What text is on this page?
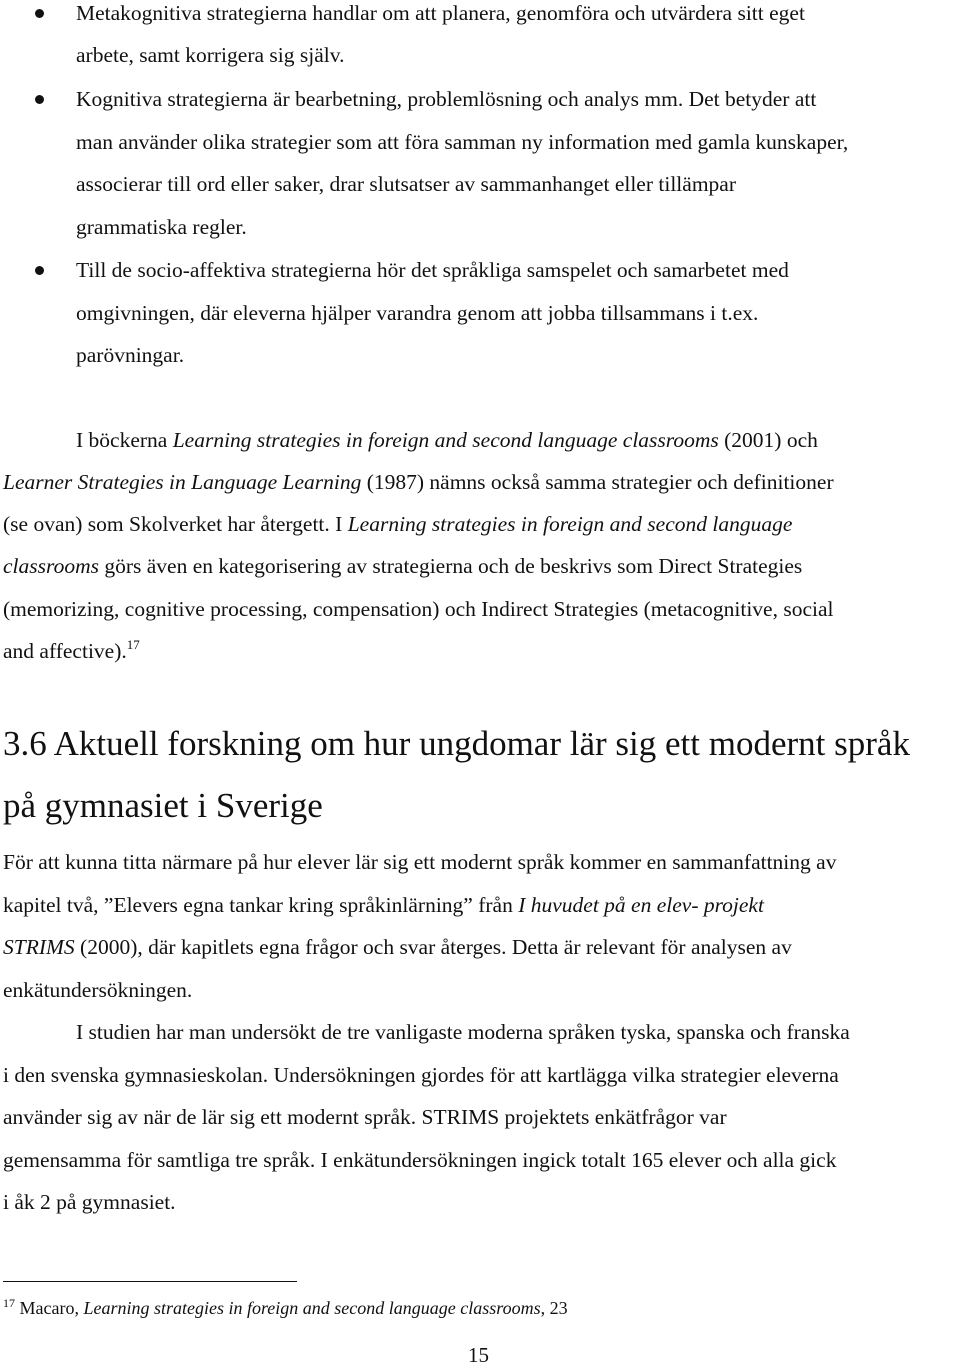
Metakognitiva strategierna handlar om att planera, genomföra och utvärdera sitt eget
arbete, samt korrigera sig själv.
Kognitiva strategierna är bearbetning, problemlösning och analys mm. Det betyder att
man använder olika strategier som att föra samman ny information med gamla kunskaper,
associerar till ord eller saker, drar slutsatser av sammanhanget eller tillämpar
grammatiska regler.
Till de socio-affektiva strategierna hör det språkliga samspelet och samarbetet med
omgivningen, där eleverna hjälper varandra genom att jobba tillsammans i t.ex.
parövningar.
I böckerna Learning strategies in foreign and second language classrooms (2001) och
Learner Strategies in Language Learning (1987) nämns också samma strategier och definitioner
(se ovan) som Skolverket har återgett. I Learning strategies in foreign and second language
classrooms görs även en kategorisering av strategierna och de beskrivs som Direct Strategies
(memorizing, cognitive processing, compensation) och Indirect Strategies (metacognitive, social
and affective).$^{17}$
3.6 Aktuell forskning om hur ungdomar lär sig ett modernt språk
på gymnasiet i Sverige
För att kunna titta närmare på hur elever lär sig ett modernt språk kommer en sammanfattning av
kapitel två, ”Elevers egna tankar kring språkinlärning” från I huvudet på en elev- projekt
STRIMS (2000), där kapitlets egna frågor och svar återges. Detta är relevant för analysen av
enkätundersökningen.
I studien har man undersökt de tre vanligaste moderna språken tyska, spanska och franska
i den svenska gymnasieskolan. Undersökningen gjordes för att kartlägga vilka strategier eleverna
använder sig av när de lär sig ett modernt språk. STRIMS projektets enkätfrågor var
gemensamma för samtliga tre språk. I enkätundersökningen ingick totalt 165 elever och alla gick
i åk 2 på gymnasiet.
$^{17}$ Macaro, Learning strategies in foreign and second language classrooms, 23
15
